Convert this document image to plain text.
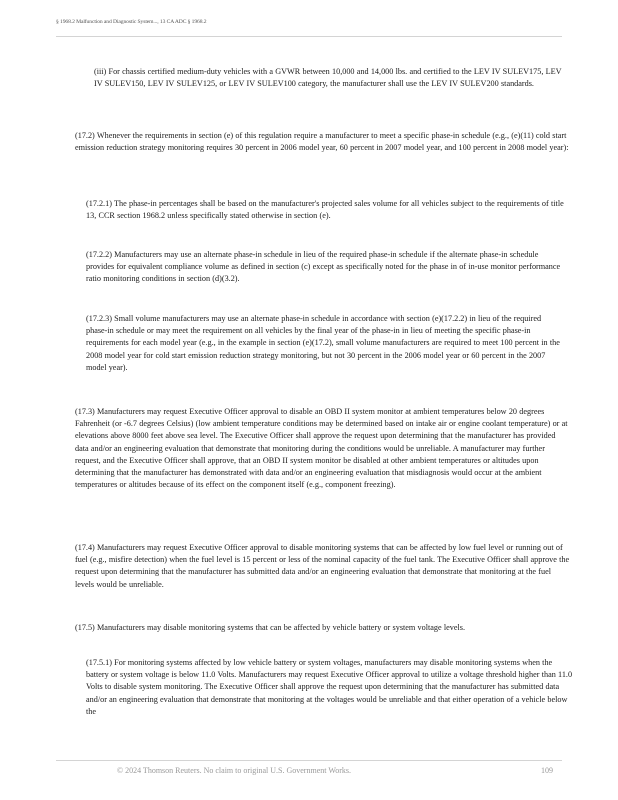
§ 1968.2 Malfunction and Diagnostic System..., 13 CA ADC § 1968.2

(iii) For chassis certified medium-duty vehicles with a GVWR between 10,000 and 14,000 lbs. and certified to the LEV IV SULEV175, LEV IV SULEV150, LEV IV SULEV125, or LEV IV SULEV100 category, the manufacturer shall use the LEV IV SULEV200 standards.

(17.2) Whenever the requirements in section (e) of this regulation require a manufacturer to meet a specific phase-in schedule (e.g., (e)(11) cold start emission reduction strategy monitoring requires 30 percent in 2006 model year, 60 percent in 2007 model year, and 100 percent in 2008 model year):

(17.2.1) The phase-in percentages shall be based on the manufacturer's projected sales volume for all vehicles subject to the requirements of title 13, CCR section 1968.2 unless specifically stated otherwise in section (e).

(17.2.2) Manufacturers may use an alternate phase-in schedule in lieu of the required phase-in schedule if the alternate phase-in schedule provides for equivalent compliance volume as defined in section (c) except as specifically noted for the phase in of in-use monitor performance ratio monitoring conditions in section (d)(3.2).

(17.2.3) Small volume manufacturers may use an alternate phase-in schedule in accordance with section (e)(17.2.2) in lieu of the required phase-in schedule or may meet the requirement on all vehicles by the final year of the phase-in in lieu of meeting the specific phase-in requirements for each model year (e.g., in the example in section (e)(17.2), small volume manufacturers are required to meet 100 percent in the 2008 model year for cold start emission reduction strategy monitoring, but not 30 percent in the 2006 model year or 60 percent in the 2007 model year).

(17.3) Manufacturers may request Executive Officer approval to disable an OBD II system monitor at ambient temperatures below 20 degrees Fahrenheit (or -6.7 degrees Celsius) (low ambient temperature conditions may be determined based on intake air or engine coolant temperature) or at elevations above 8000 feet above sea level. The Executive Officer shall approve the request upon determining that the manufacturer has provided data and/or an engineering evaluation that demonstrate that monitoring during the conditions would be unreliable. A manufacturer may further request, and the Executive Officer shall approve, that an OBD II system monitor be disabled at other ambient temperatures or altitudes upon determining that the manufacturer has demonstrated with data and/or an engineering evaluation that misdiagnosis would occur at the ambient temperatures or altitudes because of its effect on the component itself (e.g., component freezing).

(17.4) Manufacturers may request Executive Officer approval to disable monitoring systems that can be affected by low fuel level or running out of fuel (e.g., misfire detection) when the fuel level is 15 percent or less of the nominal capacity of the fuel tank. The Executive Officer shall approve the request upon determining that the manufacturer has submitted data and/or an engineering evaluation that demonstrate that monitoring at the fuel levels would be unreliable.

(17.5) Manufacturers may disable monitoring systems that can be affected by vehicle battery or system voltage levels.

(17.5.1) For monitoring systems affected by low vehicle battery or system voltages, manufacturers may disable monitoring systems when the battery or system voltage is below 11.0 Volts. Manufacturers may request Executive Officer approval to utilize a voltage threshold higher than 11.0 Volts to disable system monitoring. The Executive Officer shall approve the request upon determining that the manufacturer has submitted data and/or an engineering evaluation that demonstrate that monitoring at the voltages would be unreliable and that either operation of a vehicle below the

© 2024 Thomson Reuters. No claim to original U.S. Government Works.	109
